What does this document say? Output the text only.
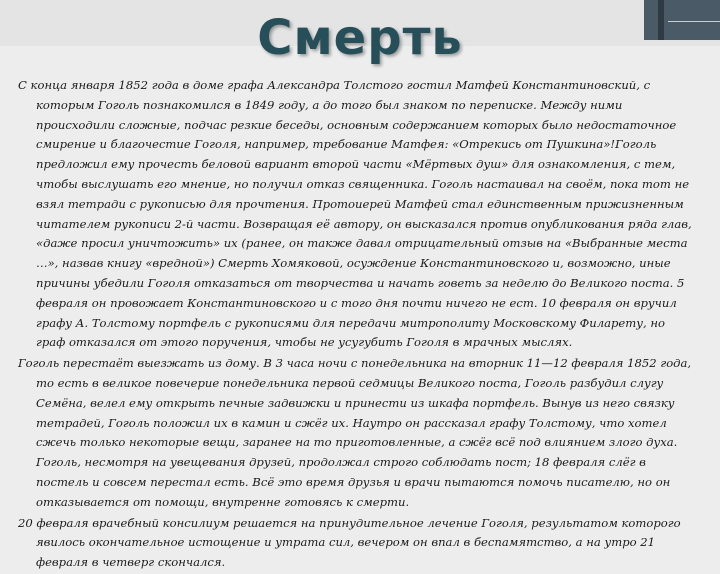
Смерть

С конца января 1852 года в доме графа Александра Толстого гостил Матфей Константиновский, с которым Гоголь познакомился в 1849 году, а до того был знаком по переписке. Между ними происходили сложные, подчас резкие беседы, основным содержанием которых было недостаточное смирение и благочестие Гоголя, например, требование Матфея: «Отрекись от Пушкина»!Гоголь предложил ему прочесть беловой вариант второй части «Мёртвых душ» для ознакомления, с тем, чтобы выслушать его мнение, но получил отказ священника. Гоголь настаивал на своём, пока тот не взял тетради с рукописью для прочтения. Протоиерей Матфей стал единственным прижизненным читателем рукописи 2-й части. Возвращая её автору, он высказался против опубликования ряда глав, «даже просил уничтожить» их (ранее, он также давал отрицательный отзыв на «Выбранные места …», назвав книгу «вредной») Смерть Хомяковой, осуждение Константиновского и, возможно, иные причины убедили Гоголя отказаться от творчества и начать говеть за неделю до Великого поста. 5 февраля он провожает Константиновского и с того дня почти ничего не ест. 10 февраля он вручил графу А. Толстому портфель с рукописями для передачи митрополиту Московскому Филарету, но граф отказался от этого поручения, чтобы не усугубить Гоголя в мрачных мыслях.

Гоголь перестаёт выезжать из дому. В 3 часа ночи с понедельника на вторник 11—12 февраля 1852 года, то есть в великое повечерие понедельника первой седмицы Великого поста, Гоголь разбудил слугу Семёна, велел ему открыть печные задвижки и принести из шкафа портфель. Вынув из него связку тетрадей, Гоголь положил их в камин и сжёг их. Наутро он рассказал графу Толстому, что хотел сжечь только некоторые вещи, заранее на то приготовленные, а сжёг всё под влиянием злого духа. Гоголь, несмотря на увещевания друзей, продолжал строго соблюдать пост; 18 февраля слёг в постель и совсем перестал есть. Всё это время друзья и врачи пытаются помочь писателю, но он отказывается от помощи, внутренне готовясь к смерти.

20 февраля врачебный консилиум решается на принудительное лечение Гоголя, результатом которого явилось окончательное истощение и утрата сил, вечером он впал в беспамятство, а на утро 21 февраля в четверг скончался.
